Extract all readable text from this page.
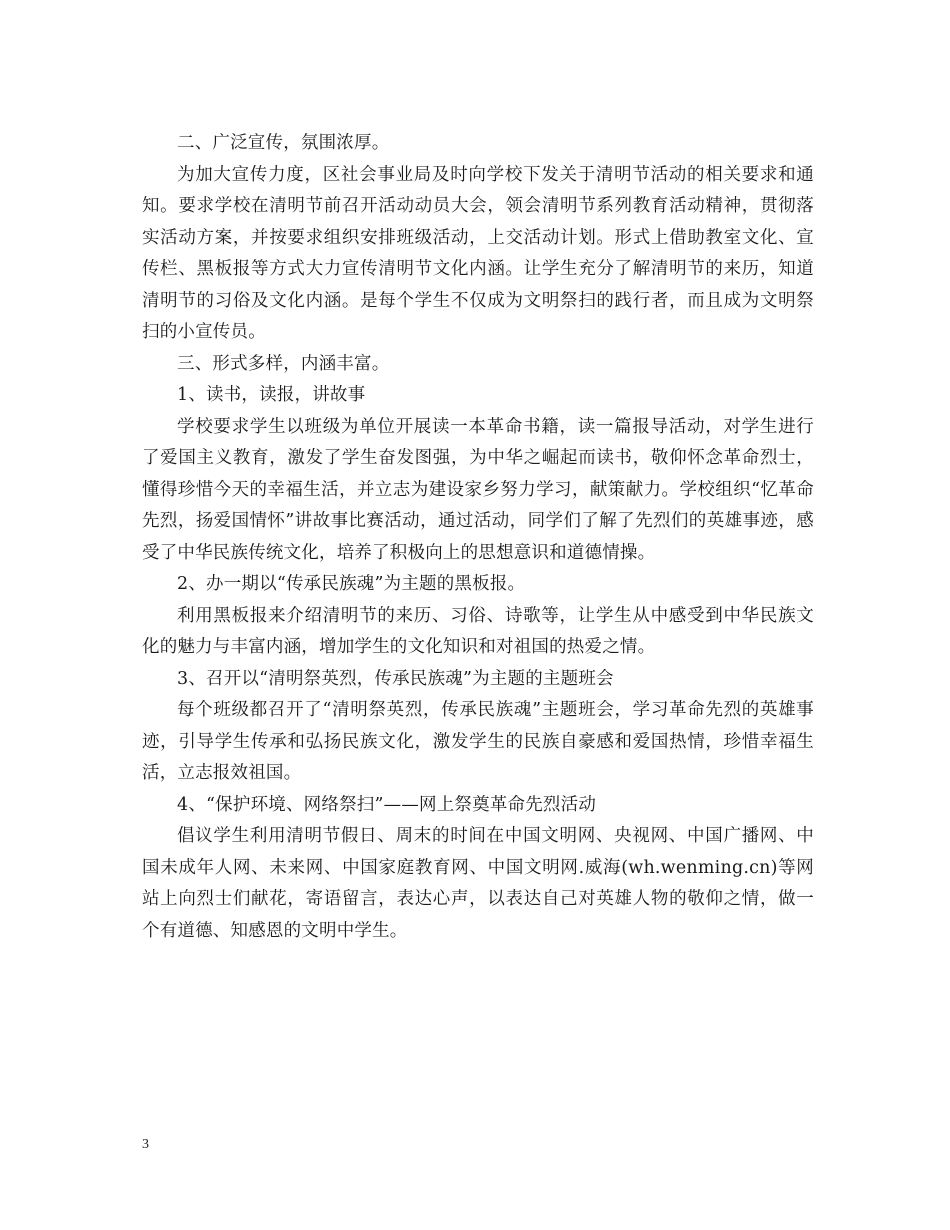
二、广泛宣传，氛围浓厚。

为加大宣传力度，区社会事业局及时向学校下发关于清明节活动的相关要求和通知。要求学校在清明节前召开活动动员大会，领会清明节系列教育活动精神，贯彻落实活动方案，并按要求组织安排班级活动，上交活动计划。形式上借助教室文化、宣传栏、黑板报等方式大力宣传清明节文化内涵。让学生充分了解清明节的来历，知道清明节的习俗及文化内涵。是每个学生不仅成为文明祭扫的践行者，而且成为文明祭扫的小宣传员。

三、形式多样，内涵丰富。

1、读书，读报，讲故事

学校要求学生以班级为单位开展读一本革命书籍，读一篇报导活动，对学生进行了爱国主义教育，激发了学生奋发图强，为中华之崛起而读书，敬仰怀念革命烈士，懂得珍惜今天的幸福生活，并立志为建设家乡努力学习，献策献力。学校组织“忆革命先烈，扬爱国情怀”讲故事比赛活动，通过活动，同学们了解了先烈们的英雄事迹，感受了中华民族传统文化，培养了积极向上的思想意识和道德情操。

2、办一期以“传承民族魂”为主题的黑板报。

利用黑板报来介绍清明节的来历、习俗、诗歌等，让学生从中感受到中华民族文化的魅力与丰富内涵，增加学生的文化知识和对祖国的热爱之情。

3、召开以“清明祭英烈，传承民族魂”为主题的主题班会

每个班级都召开了“清明祭英烈，传承民族魂”主题班会，学习革命先烈的英雄事迹，引导学生传承和弘扬民族文化，激发学生的民族自豪感和爱国热情，珍惜幸福生活，立志报效祖国。

4、“保护环境、网络祭扫”——网上祭奠革命先烈活动

倡议学生利用清明节假日、周末的时间在中国文明网、央视网、中国广播网、中国未成年人网、未来网、中国家庭教育网、中国文明网.威海(wh.wenming.cn)等网站上向烈士们献花，寄语留言，表达心声，以表达自己对英雄人物的敬仰之情，做一个有道德、知感恩的文明中学生。

3
